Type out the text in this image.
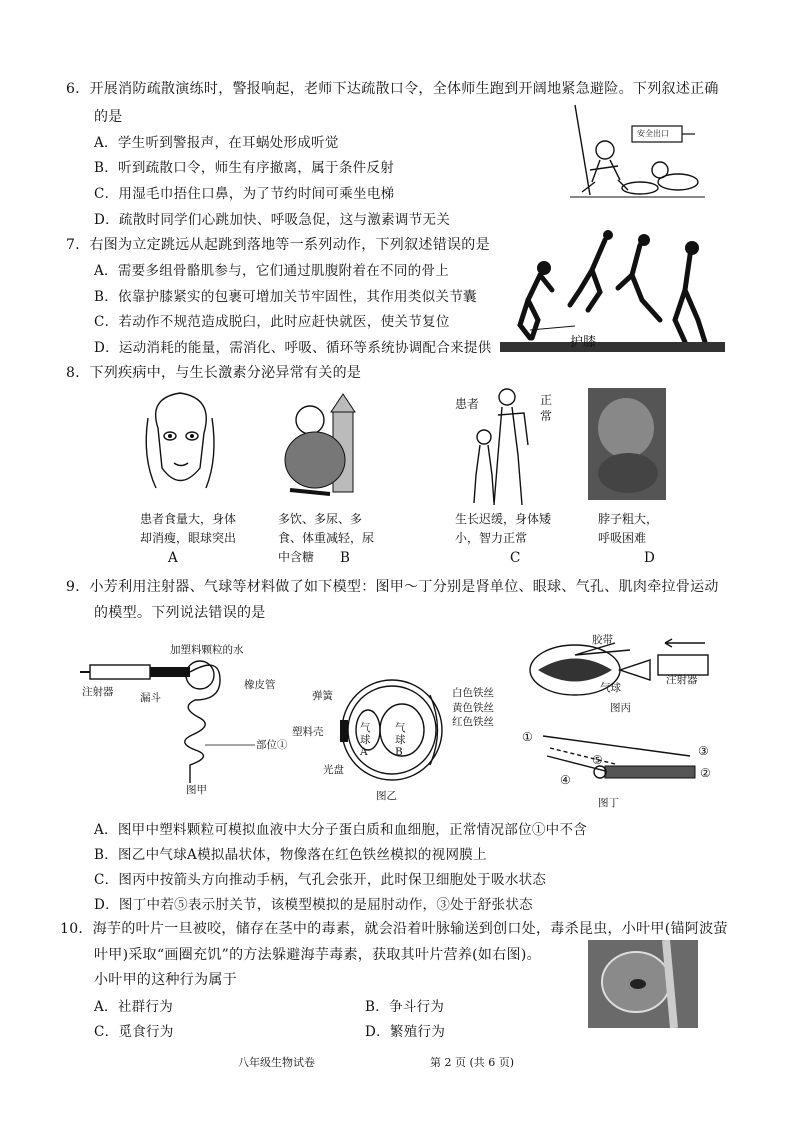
6．开展消防疏散演练时，警报响起，老师下达疏散口令，全体师生跑到开阔地紧急避险。下列叙述正确
的是
A．学生听到警报声，在耳蜗处形成听觉
B．听到疏散口令，师生有序撤离，属于条件反射
C．用湿毛巾捂住口鼻，为了节约时间可乘坐电梯
D．疏散时同学们心跳加快、呼吸急促，这与激素调节无关
安全出口
7．右图为立定跳远从起跳到落地等一系列动作，下列叙述错误的是
A．需要多组骨骼肌参与，它们通过肌腹附着在不同的骨上
B．依靠护膝紧实的包裹可增加关节牢固性，其作用类似关节囊
C．若动作不规范造成脱臼，此时应赶快就医，使关节复位
D．运动消耗的能量，需消化、呼吸、循环等系统协调配合来提供	护膝
8．下列疾病中，与生长激素分泌异常有关的是
患者	正常
患者食量大，身体却消瘦，眼球突出
A
多饮、多尿、多食、体重减轻，尿中含糖	B
生长迟缓，身体矮小，智力正常
C
脖子粗大，呼吸困难
D
9．小芳利用注射器、气球等材料做了如下模型：图甲～丁分别是肾单位、眼球、气孔、肌肉牵拉骨运动
的模型。下列说法错误的是
加塑料颗粒的水
注射器	漏斗
橡皮管
部位①
图甲
弹簧
塑料壳
光盘
白色铁丝
黄色铁丝
红色铁丝
气球A
气球B
图乙
胶带
气球
注射器
图丙
①
②
③
④
⑤
图丁
A．图甲中塑料颗粒可模拟血液中大分子蛋白质和血细胞，正常情况部位①中不含
B．图乙中气球A模拟晶状体，物像落在红色铁丝模拟的视网膜上
C．图丙中按箭头方向推动手柄，气孔会张开，此时保卫细胞处于吸水状态
D．图丁中若⑤表示肘关节，该模型模拟的是屈肘动作，③处于舒张状态
10．海芋的叶片一旦被咬，储存在茎中的毒素，就会沿着叶脉输送到创口处，毒杀昆虫，小叶甲(锚阿波萤
叶甲)采取“画圈充饥”的方法躲避海芋毒素，获取其叶片营养(如右图)。
小叶甲的这种行为属于
A．社群行为	B．争斗行为
C．觅食行为	D．繁殖行为
八年级生物试卷	第 2 页 (共 6 页)
